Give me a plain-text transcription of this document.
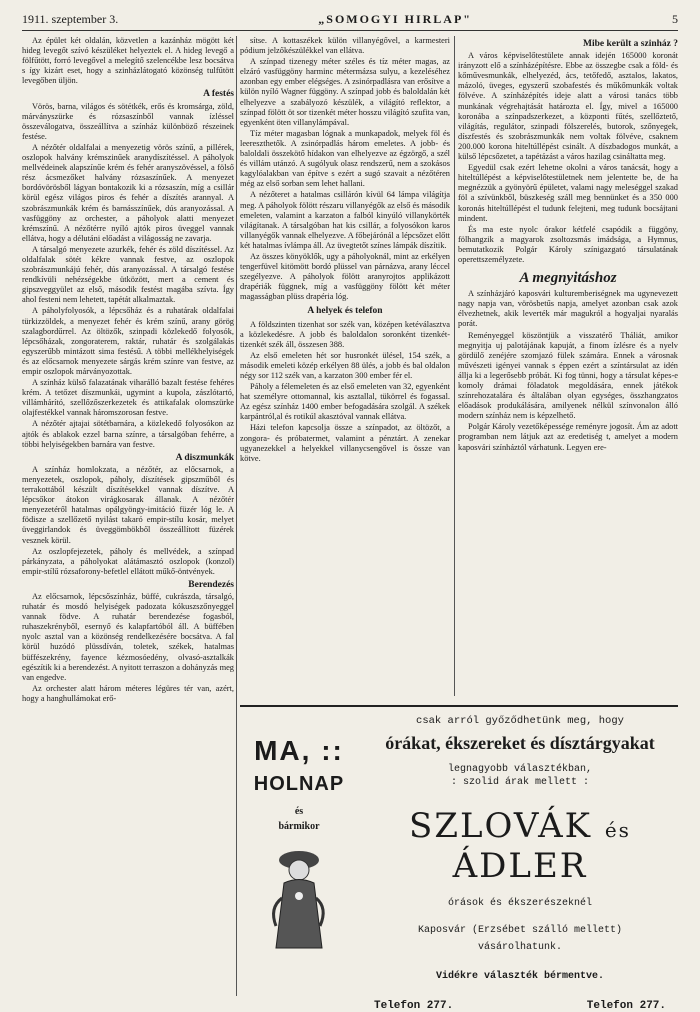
1911. szeptember 3.	„SOMOGYI HIRLAP"	5

Az épület két oldalán, közvetlen a kazánház mögött két hideg levegőt szívó készüléket helyeztek el. A hideg levegő a fölfűtött, forró levegővel a melegítő szelencékbe lesz bocsátva s így kizárt eset, hogy a szinházlátogató közönség tulfűtött levegőben üljön.

A festés

Vörös, barna, világos és sötétkék, erős és kromsárga, zöld, márványszürke és rózsaszínből vannak ízléssel összeválogatva, összeállítva a színház különböző részeinek festése.

A nézőtér oldalfalai a menyezetig vörös színű, a pillérek, oszlopok halvány krémszinűek aranydíszítéssel. A páholyok mellvédeinek alapszínűe krém és fehér aranyszövéssel, a fölső rész ácsmezőket halvány rózsaszínűek. A menyezet bordóvörösből lágyan bontakozik ki a rózsaszín, míg a csillár körül egész világos piros és fehér a díszítés arannyal. A szobrászmunkák krém és barnásszínűek, dús aranyozással. A vasfüggöny az orchester, a páholyok alatti menyezet krémszínű. A nézőtérre nyíló ajtók piros üveggel vannak ellátva, hogy a délutáni előadást a világosság ne zavarja.

A társalgó menyezete azurkék, fehér és zöld díszítéssel. Az oldalfalak sötét kékre vannak festve, az oszlopok szobrászmunkájú fehér, dús aranyozással. A társalgó festése rendkívüli nehézségekbe ütközött, mert a cement és gipszveggyület az első, második festést magába szívta. Így ahol festeni nem lehetett, tapétát alkalmaztak.

A páholyfolyosók, a lépcsőház és a ruhatárak oldalfalai türkizzöldek, a menyezet fehér és krém színű, arany görög szalagbordűrrel. Az öltözők, szinpadi közlekedő folyosók, lépcsőházak, zongoraterem, raktár, ruhatár és szolgálakás egyszerűbb mintázott sima festésű. A többi mellékhelyiségek és az előcsarnok menyezete sárgás krém színre van festve, az empir oszlopok márványozottak.

A színház külső falazatának viharálló bazalt festése fehéres krém. A tetőzet díszmunkái, ugymint a kupola, zászlótartó, villámhárító, szellőzőszerkezetek és attikafalak olomszürke olajfestékkel vannak háromszorosan festve.

A nézőtér ajtajai sötétbarnára, a közlekedő folyosókon az ajtók és ablakok ezzel barna színre, a társalgóban fehérre, a többi helyiségekben barnára van festve.

A diszmunkák

A színház homlokzata, a nézőtér, az előcsarnok, a menyezetek, oszlopok, páholy, díszítések gipszműből és terrakottából készült díszítésekkel vannak díszítve. A lépcsőkor átokon virágkosarak állanak. A nézőtér menyezetéről hatalmas opálgyöngy-imitáció füzér lóg le. A födisze a szellőzető nyilást takaró empir-stílu kosár, melyet üveggirlandok és üveggömbökből összeállított füzérek vesznek körül.

Az oszlopfejezetek, páholy és mellvédek, a színpad párkányzata, a páholyokat alátámasztó oszlopok (konzol) empir-stílű rózsaforony-befetlel ellátott műkő-öntvények.

Berendezés

Az előcsarnok, lépcsőszínház, büffé, cukrászda, társalgó, ruhatár és mosdó helyiségek padozata kókuszszőnyeggel vannak födve. A ruhatár berendezése fogasból, ruhaszekrényből, esernyő és kalapfartóból áll. A büffében nyolc asztal van a közönség rendelkezésére bocsátva. A fal körül huzódó plüssdíván, toletek, székek, hatalmas büffészekrény, fayence kézmosóedény, olvasó-asztalkák egészítik ki a berendezést. A nyitott terraszon a dohányzás meg van engedve.

Az orchester alatt három méteres légüres tér van, azért, hogy a hanghullámokat erő-

sítse. A kottaszékek külön villanyégővel, a karmesteri pódium jelzőkészülékkel van ellátva.

A színpad tizenegy méter széles és tíz méter magas, az elzáró vasfüggöny harminc métermázsa sulyu, a kezeléséhez azonban egy ember elégséges. A zsinórpadlásra van erősítve a külön nyíló Wagner függöny. A színpad jobb és baloldalán két elhelyezve a szabályozó készülék, a világító reflektor, a színpad fölött öt sor tizenkét méter hosszu világító szufita van, egyenként öten villanylámpával.

Tíz méter magasban lógnak a munkapadok, melyek föl és leereszthetők. A zsinórpadlás három emeletes. A jobb- és baloldali összekötő hídakon van elhelyezve az égzörgő, a szél és villám utánzó. A sugólyuk olasz rendszerű, nem a szokásos kagylóalakban van építve s ezért a sugó szavait a nézőtéren még az első sorban sem lehet hallani.

A nézőteret a hatalmas csillárón kívül 64 lámpa világítja meg. A páholyok fölött részaru villanyégők az első és második emeleten, valamint a karzaton a falból kinyúló villanykörték világítanak. A társalgóban hat kis csillár, a folyosókon karos villanyégők vannak elhelyezve. A főbejárónál a lépcsőzet előtt két hatalmas ívlámpa áll. Az üvegtetőt színes lámpák díszítik.

Az összes könyöklők, ugy a páholyoknál, mint az erkélyen tengerfüvel kitömött bordó plüssel van párnázva, arany léccel szegélyezve. A páholyok fölött aranyrojtos applikázott drapériák függnek, míg a vasfüggöny fölött két méter magasságban plüss drapéria lóg.

A helyek és telefon

A földszinten tizenhat sor szék van, középen ketéválasztva a közlekedésre. A jobb és baloldalon soronként tizenkét-tizenkét szék áll, összesen 388.

Az első emeleten hét sor husronkét ülésel, 154 szék, a második emeleti közép erkélyen 88 ülés, a jobb és bal oldalon négy sor 112 szék van, a karzaton 300 ember fér el.

Páholy a félemeleten és az első emeleten van 32, egyenként hat személyre ottomannal, kis asztallal, tükörrel és fogassal. Az egész színház 1400 ember befogadására szolgál. A székek karpántról,al és rotikúl akasztóval vannak ellátva.

Házi telefon kapcsolja össze a színpadot, az öltözőt, a zongora- és próbatermet, valamint a pénztárt. A zenekar ugyanezekkel a helyekkel villanycsengővel is össze van kötve.

Mibe került a szinház ?

A város képviselőtestülete annak idején 165000 koronát irányzott elő a színházépítésre. Ebbe az összegbe csak a föld- és kőművesmunkák, elhelyezéd, ács, tetőfedő, asztalos, lakatos, mázoló, üveges, egyszerű szobafestés és műkőmunkák voltak fölvéve. A színházépítés ideje alatt a városi tanács több munkának végrehajtását határozta el. Így, mivel a 165000 koronába a színpadszerkezet, a központi fűtés, szellőztető, világítás, regulátor, szinpadi fölszerelés, butorok, szőnyegek, díszfestés és szobrászmunkák nem voltak fölvéve, csaknem 200.000 korona hiteltúllépést csinált. A díszbadogos munkát, a külső lépcsőzetet, a tapétázást a város hazilag csináltatta meg.

Egyedül csak ezért lehetne okolni a város tanácsát, hogy a hiteltúllépést a képviselőtestületnek nem jelentette be, de ha megnézzük a gyönyörű épületet, valami nagy meleséggel szakad föl a szívünkből, büszkeség száll meg bennünket és a 350 000 koronás hiteltúllépést el tudunk felejteni, meg tudunk bocsájtani mindent.

És ma este nyolc órakor kétfelé csapódik a függöny, fölhangzik a magyarok zsoltozsmás imádsága, a Hymnus, bemutatkozik Polgár Károly színigazgató társulatának operettszemélyzete.

A megnyitáshoz

A színházjáró kaposvári kulturemberiségnek ma ugynevezett nagy napja van, vörösbetűs napja, amelyet azonban csak azok élvezhetnek, akik leverték már magukról a hogyaljai nyaralás porát.

Reményeggel köszöntjük a visszatérő Tháliát, amikor megnyitja uj palotájának kapuját, a finom ízlésre és a nyelv gördülő zenéjére szomjazó fülek számára. Ennek a városnak művészeti igényei vannak s éppen ezért a színtársulat az idén állja ki a legerősebb próbát. Ki fog tünni, hogy a társulat képes-e komoly drámai föladatok megoldására, ennek játékok színrehozatalára és általában olyan egységes, összhangzatos előadások produkálására, amilyenek nélkül színvonalon álló modern színház nem is képzelhető.

Polgár Károly vezetőképessége reményre jogosít. Ám az adott programban nem látjuk azt az eredetiség t, amelyet a modern kaposvári színháztól várhatunk. Legyen ere-

MA, ::
HOLNAP
és
bármikor
csak arról győződhetünk meg, hogy
órákat, ékszereket és dísztárgyakat
legnagyobb választékban,
: szolid árak mellett :
SZLOVÁK és ÁDLER
órások és ékszerészeknél
Kaposvár (Erzsébet szálló mellett)
vásárolhatunk.
Vidékre választék bérmentve.
Telefon 277.	Telefon 277.
